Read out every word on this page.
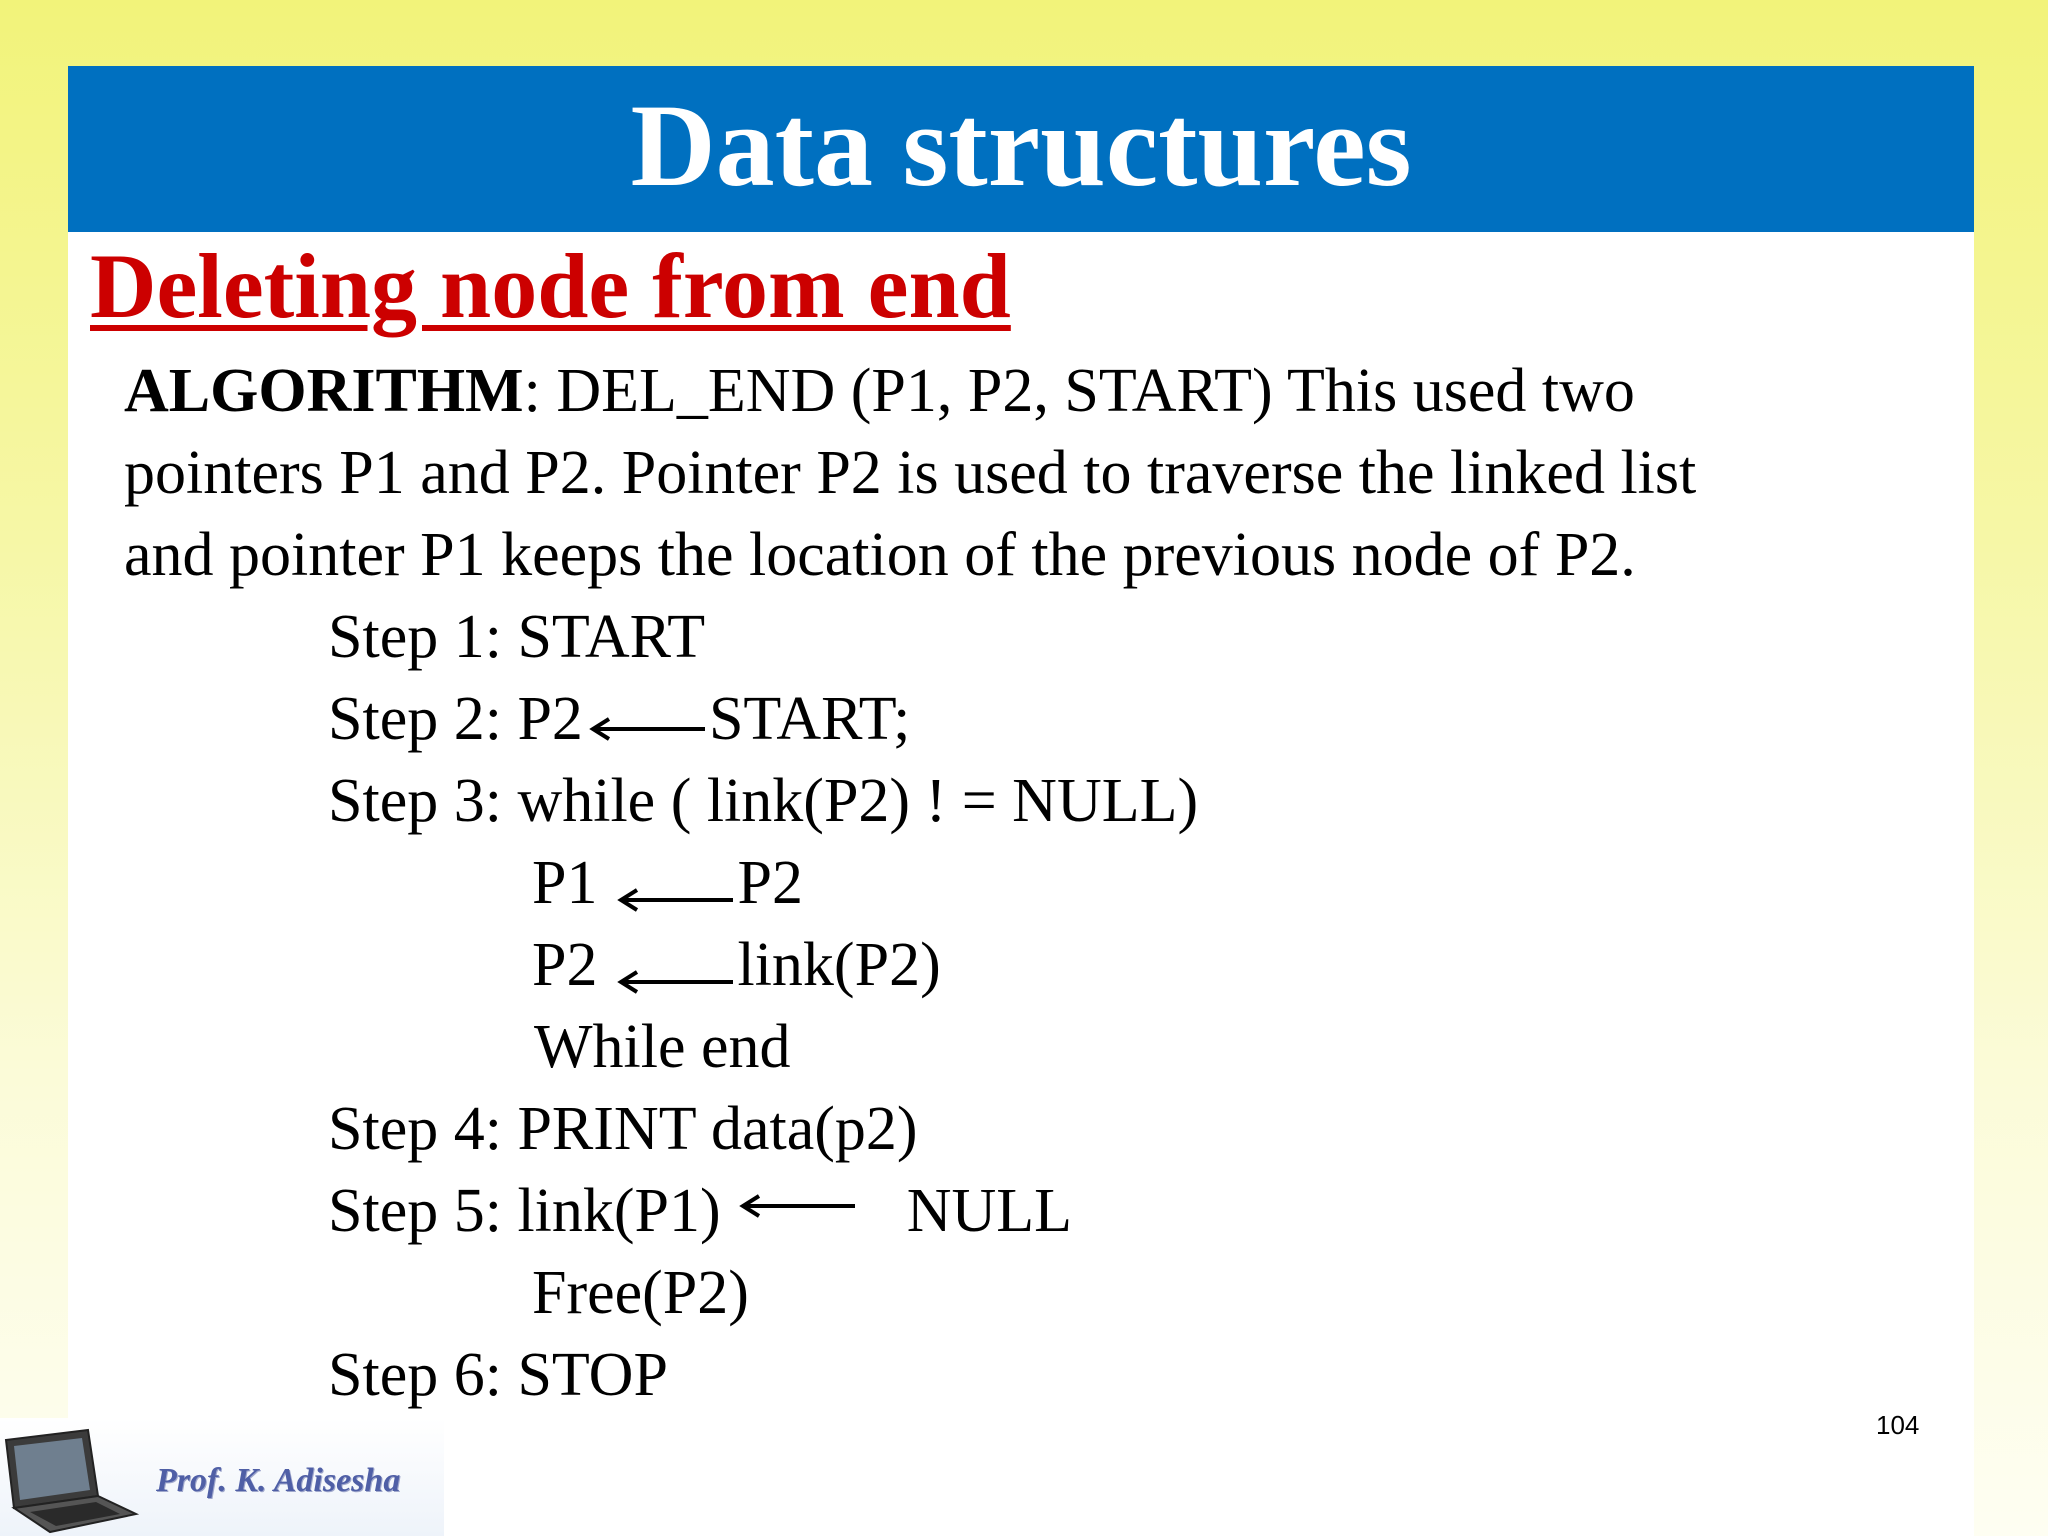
Data structures
Deleting node from end
ALGORITHM: DEL_END (P1, P2, START) This used two
pointers P1 and P2. Pointer P2 is used to traverse the linked list
and pointer P1 keeps the location of the previous node of P2.
Step 1: START
Step 2: P2 START;
Step 3: while ( link(P2) ! = NULL)
P1 P2
P2 link(P2)
While end
Step 4: PRINT data(p2)
Step 5: link(P1)	NULL
Free(P2)
Step 6: STOP
104
Prof. K. Adisesha
